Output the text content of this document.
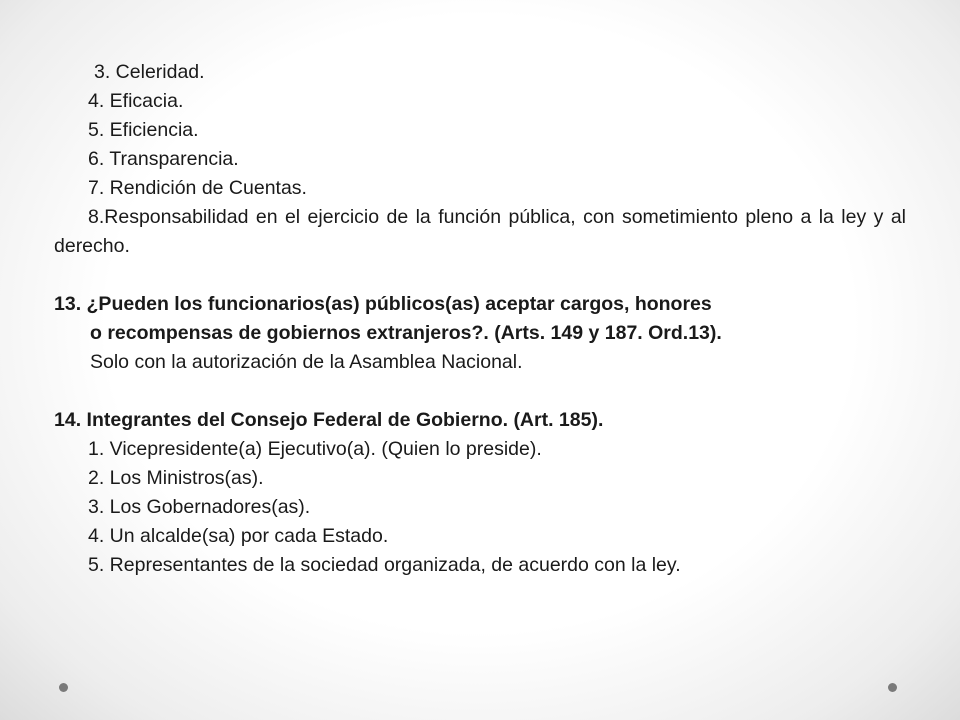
3. Celeridad.
4. Eficacia.
5. Eficiencia.
6. Transparencia.
7. Rendición de Cuentas.
8.Responsabilidad en el ejercicio de la función pública, con sometimiento pleno a la ley y al derecho.
13. ¿Pueden los funcionarios(as) públicos(as) aceptar cargos, honores
o recompensas de gobiernos extranjeros?. (Arts. 149 y 187. Ord.13).
Solo con la autorización de la Asamblea Nacional.
14. Integrantes del Consejo Federal de Gobierno. (Art. 185).
1. Vicepresidente(a) Ejecutivo(a). (Quien lo preside).
2. Los Ministros(as).
3. Los Gobernadores(as).
4. Un alcalde(sa) por cada Estado.
5. Representantes de la sociedad organizada, de acuerdo con la ley.
